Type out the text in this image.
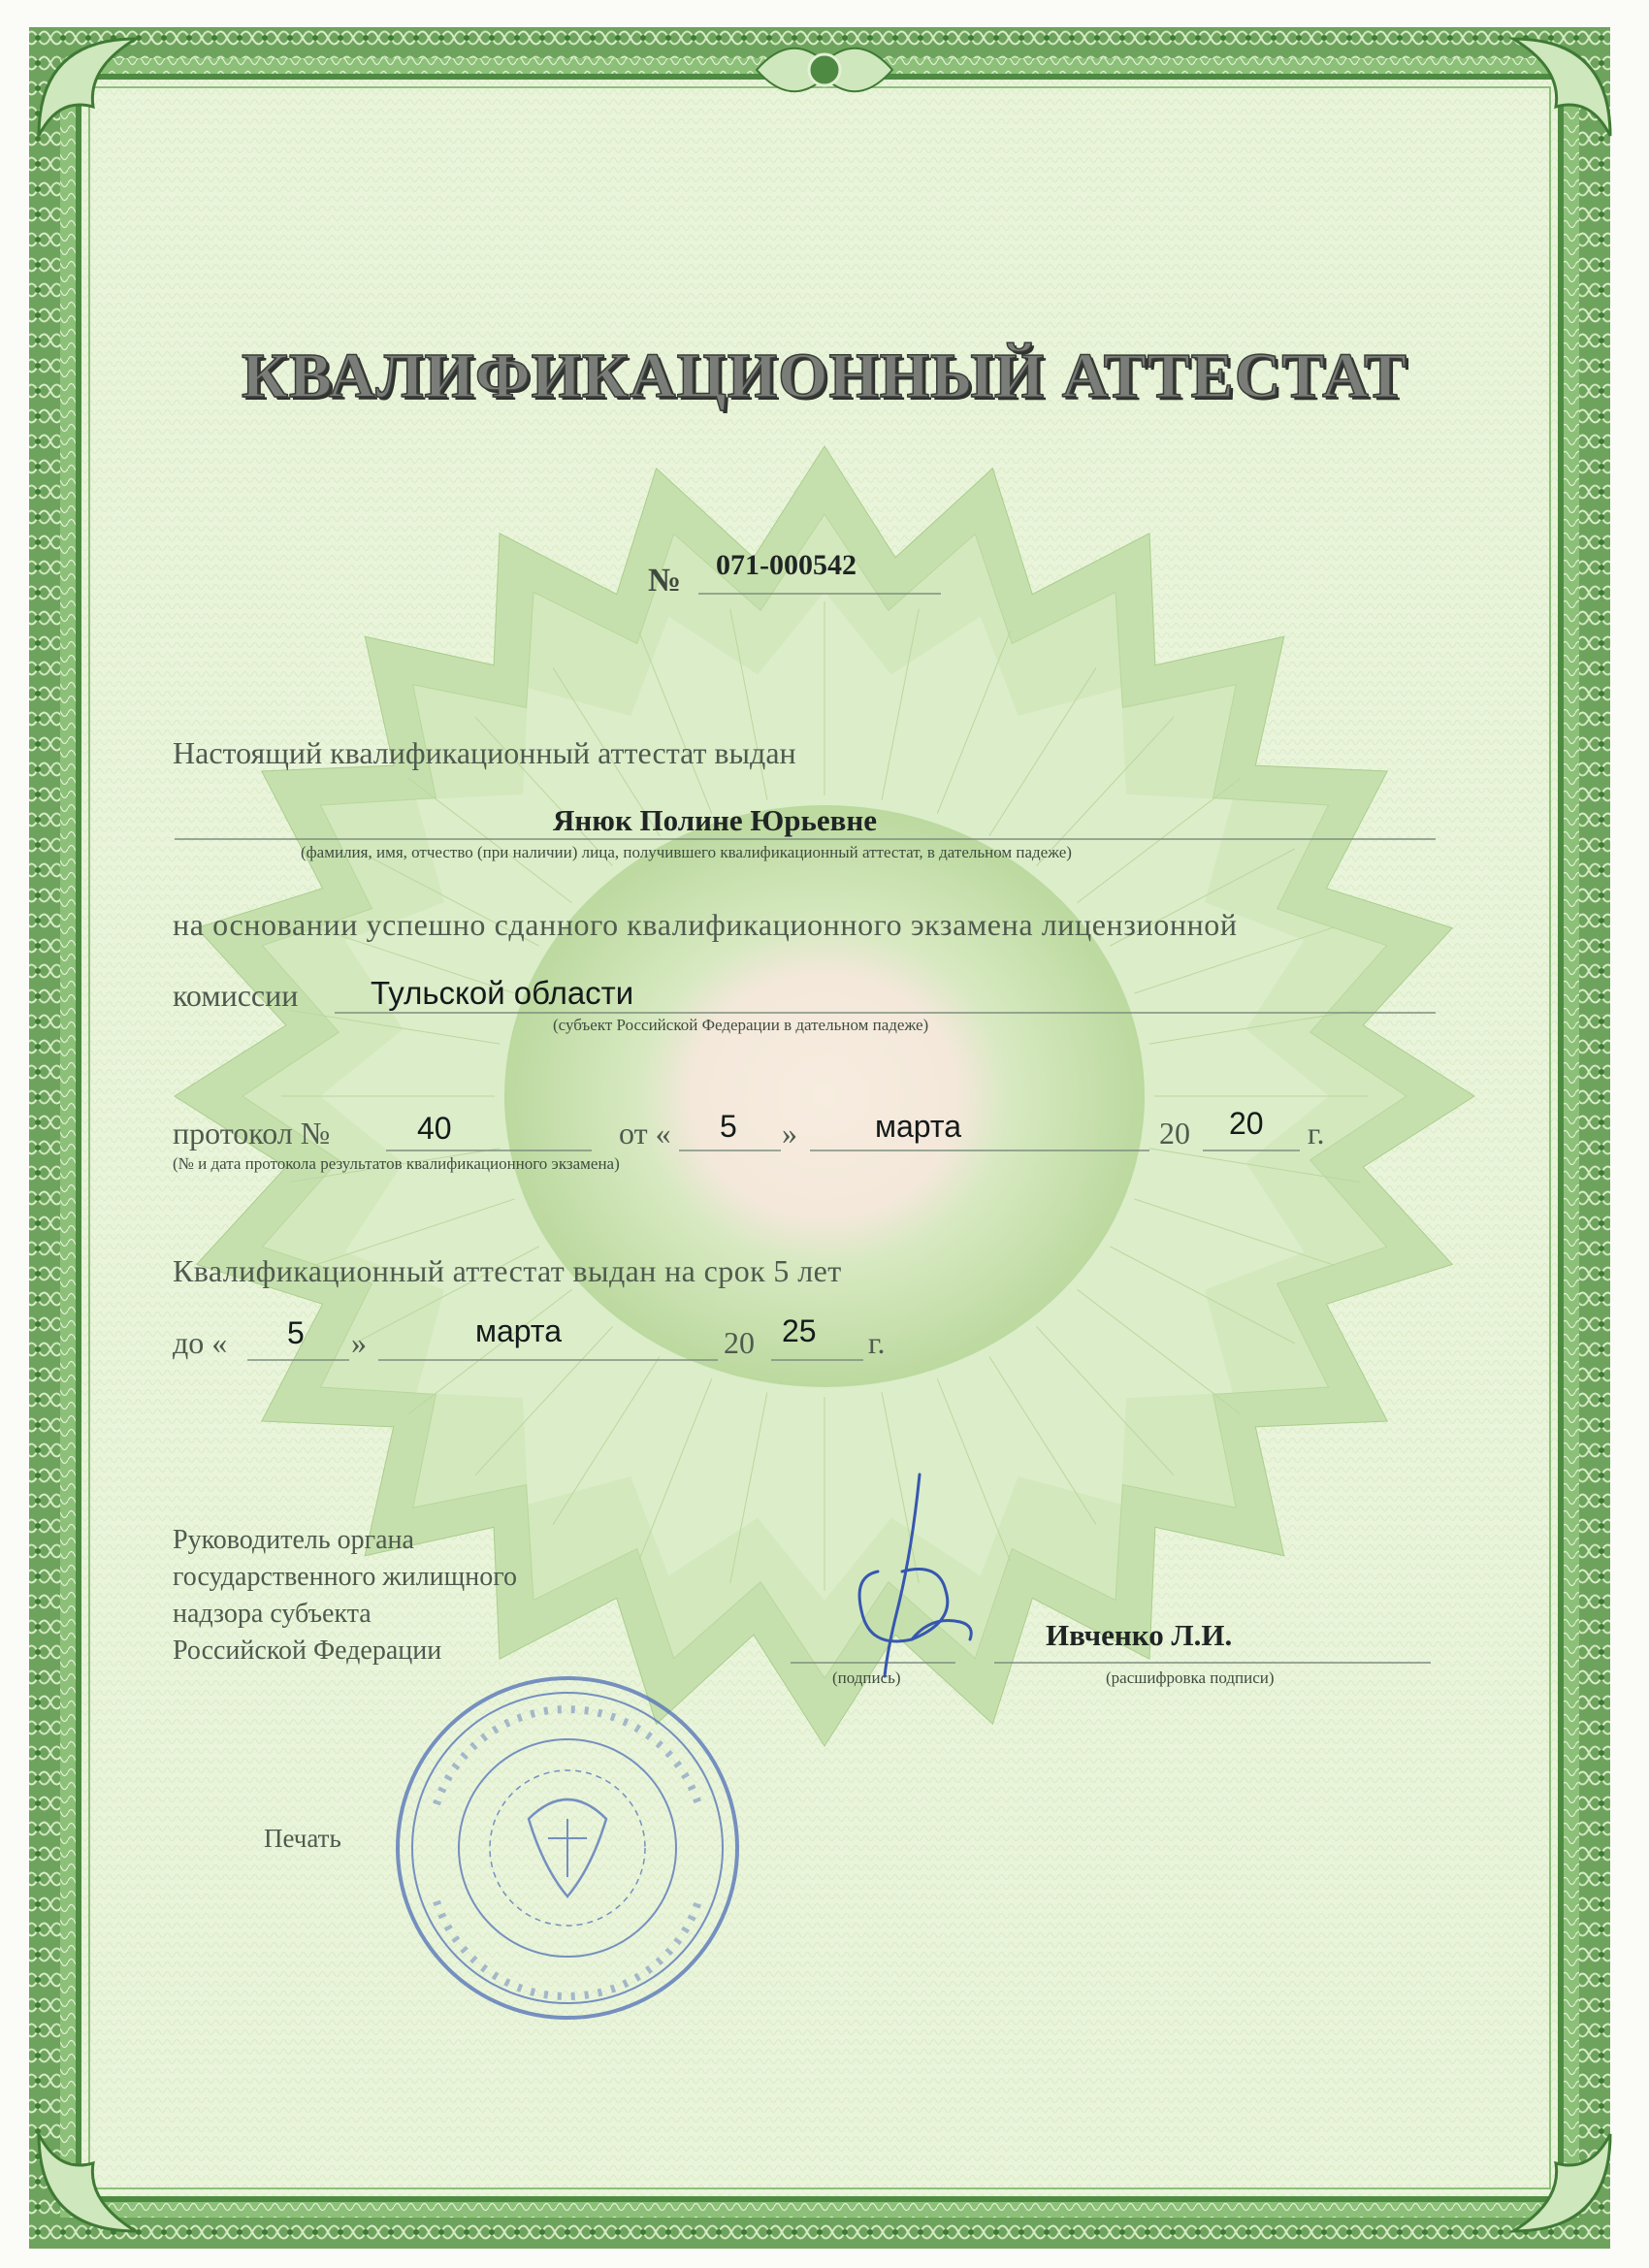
КВАЛИФИКАЦИОННЫЙ АТТЕСТАТ
№ 071-000542
Настоящий квалификационный аттестат выдан
Янюк Полине Юрьевне
(фамилия, имя, отчество (при наличии) лица, получившего квалификационный аттестат, в дательном падеже)
на основании успешно сданного квалификационного экзамена лицензионной
комиссии Тульской области
(субъект Российской Федерации в дательном падеже)
протокол №	40	от « 5 »	марта	20 20 г.
(№ и дата протокола результатов квалификационного экзамена)
Квалификационный аттестат выдан на срок 5 лет
до « 5 »	марта	20 25 г.
Руководитель органа
государственного жилищного
надзора субъекта
Российской Федерации
(подпись)
Ивченко Л.И.
(расшифровка подписи)
Печать
